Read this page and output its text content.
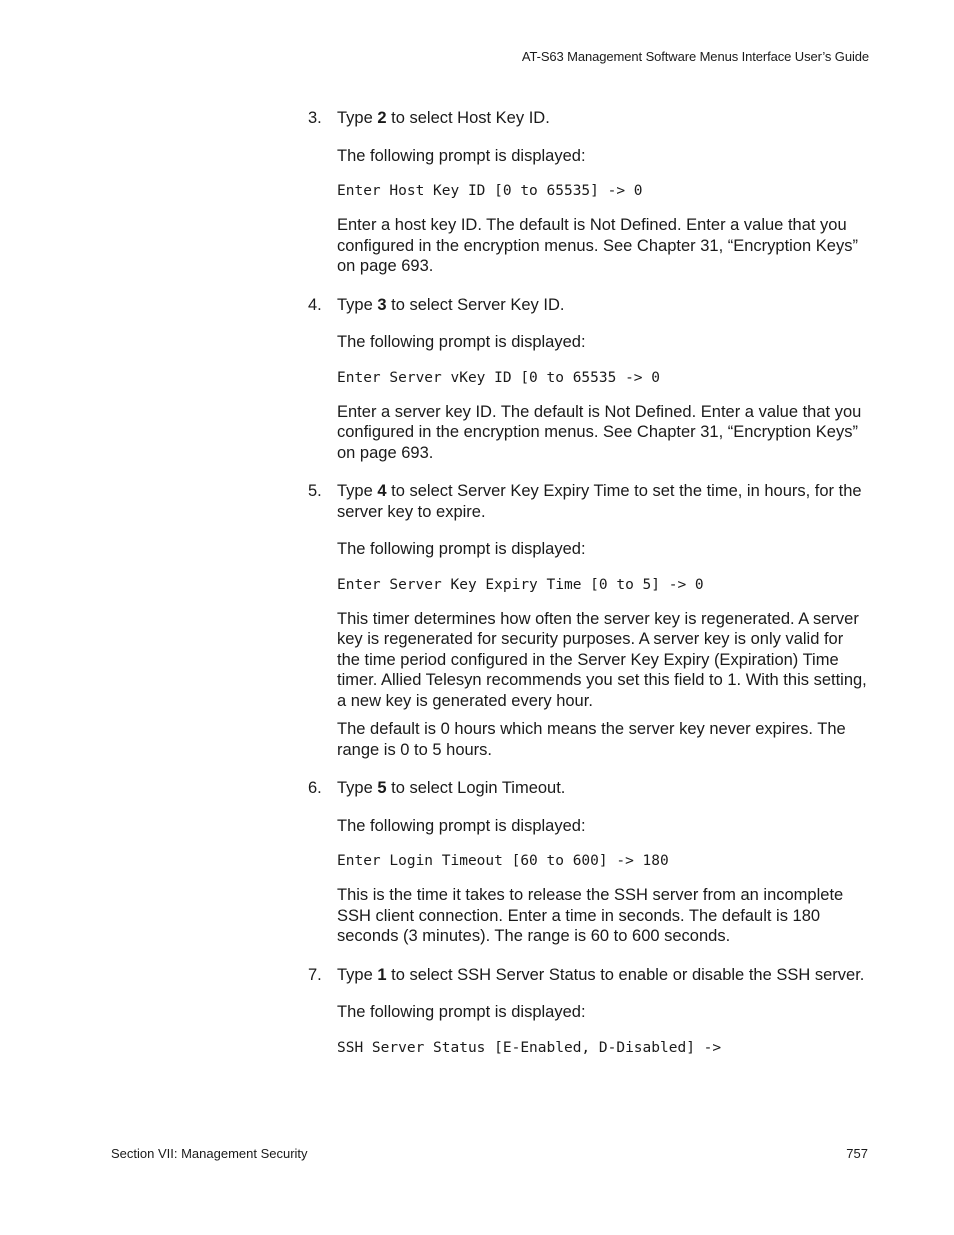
AT-S63 Management Software Menus Interface User’s Guide
3. Type 2 to select Host Key ID.

The following prompt is displayed:

Enter Host Key ID [0 to 65535] -> 0

Enter a host key ID. The default is Not Defined. Enter a value that you configured in the encryption menus. See Chapter 31, “Encryption Keys” on page 693.

4. Type 3 to select Server Key ID.

The following prompt is displayed:

Enter Server vKey ID [0 to 65535 -> 0

Enter a server key ID. The default is Not Defined. Enter a value that you configured in the encryption menus. See Chapter 31, “Encryption Keys” on page 693.

5. Type 4 to select Server Key Expiry Time to set the time, in hours, for the server key to expire.

The following prompt is displayed:

Enter Server Key Expiry Time [0 to 5] -> 0

This timer determines how often the server key is regenerated. A server key is regenerated for security purposes. A server key is only valid for the time period configured in the Server Key Expiry (Expiration) Time timer. Allied Telesyn recommends you set this field to 1. With this setting, a new key is generated every hour.

The default is 0 hours which means the server key never expires. The range is 0 to 5 hours.

6. Type 5 to select Login Timeout.

The following prompt is displayed:

Enter Login Timeout [60 to 600] -> 180

This is the time it takes to release the SSH server from an incomplete SSH client connection. Enter a time in seconds. The default is 180 seconds (3 minutes). The range is 60 to 600 seconds.

7. Type 1 to select SSH Server Status to enable or disable the SSH server.

The following prompt is displayed:

SSH Server Status [E-Enabled, D-Disabled] ->
Section VII: Management Security	757
